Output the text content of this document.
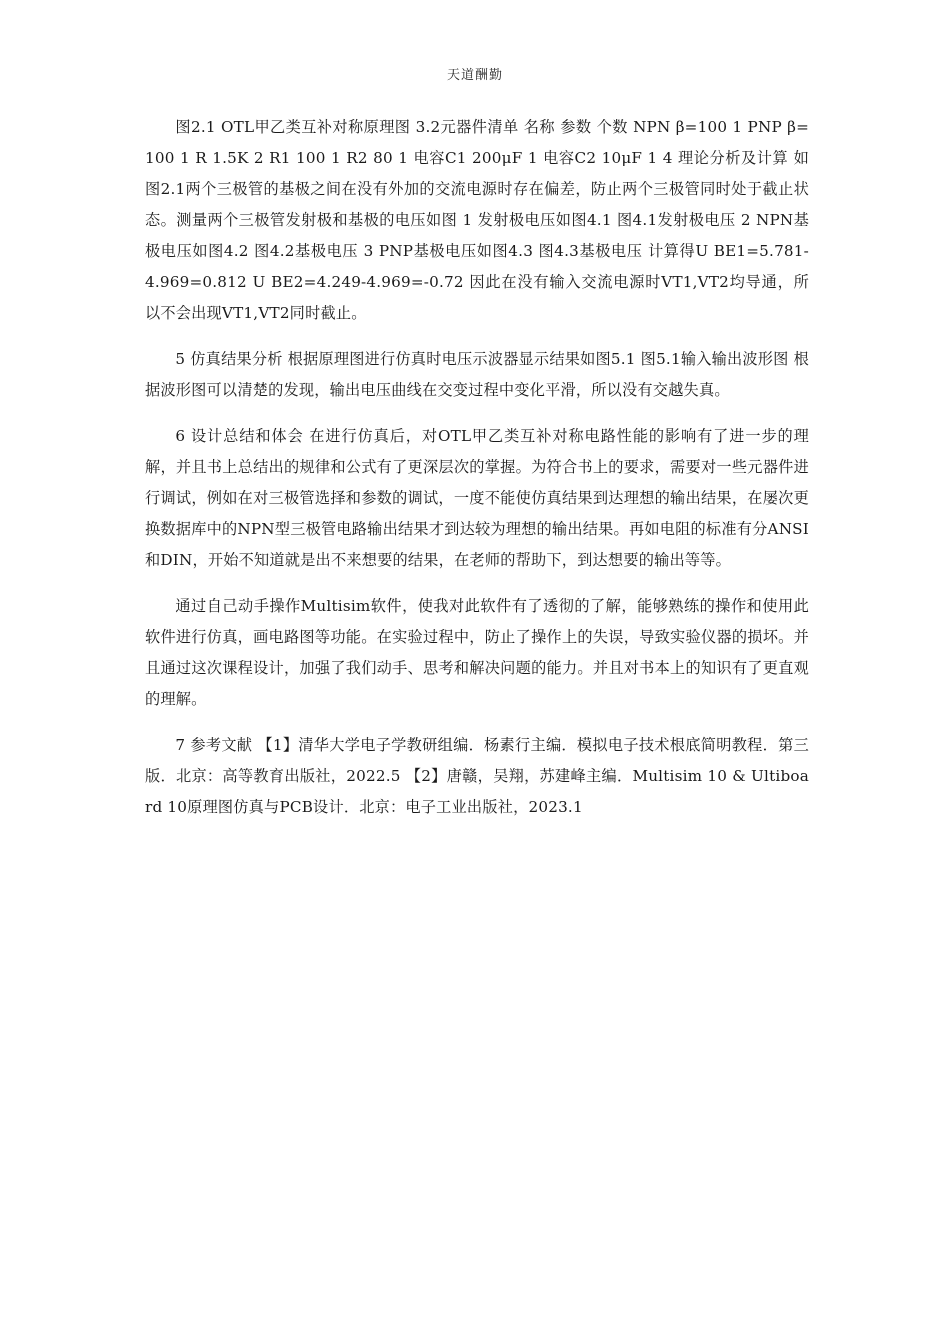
天道酬勤

图2.1 OTL甲乙类互补对称原理图 3.2元器件清单 名称 参数 个数 NPN β=100 1 PNP β=100 1 R 1.5K 2 R1 100 1 R2 80 1 电容C1 200μF 1 电容C2 10μF 1 4 理论分析及计算 如图2.1两个三极管的基极之间在没有外加的交流电源时存在偏差，防止两个三极管同时处于截止状态。测量两个三极管发射极和基极的电压如图 1 发射极电压如图4.1 图4.1发射极电压 2 NPN基极电压如图4.2 图4.2基极电压 3 PNP基极电压如图4.3 图4.3基极电压 计算得U BE1=5.781-4.969=0.812 U BE2=4.249-4.969=-0.72 因此在没有输入交流电源时VT1,VT2均导通，所以不会出现VT1,VT2同时截止。

5 仿真结果分析 根据原理图进行仿真时电压示波器显示结果如图5.1 图5.1输入输出波形图 根据波形图可以清楚的发现，输出电压曲线在交变过程中变化平滑，所以没有交越失真。

6 设计总结和体会 在进行仿真后，对OTL甲乙类互补对称电路性能的影响有了进一步的理解，并且书上总结出的规律和公式有了更深层次的掌握。为符合书上的要求，需要对一些元器件进行调试，例如在对三极管选择和参数的调试，一度不能使仿真结果到达理想的输出结果，在屡次更换数据库中的NPN型三极管电路输出结果才到达较为理想的输出结果。再如电阻的标准有分ANSI和DIN，开始不知道就是出不来想要的结果，在老师的帮助下，到达想要的输出等等。

通过自己动手操作Multisim软件，使我对此软件有了透彻的了解，能够熟练的操作和使用此软件进行仿真，画电路图等功能。在实验过程中，防止了操作上的失误，导致实验仪器的损坏。并且通过这次课程设计，加强了我们动手、思考和解决问题的能力。并且对书本上的知识有了更直观的理解。

7 参考文献 【1】清华大学电子学教研组编．杨素行主编．模拟电子技术根底简明教程．第三版．北京：高等教育出版社，2022.5 【2】唐赣，吴翔，苏建峰主编．Multisim 10 & Ultiboard 10原理图仿真与PCB设计．北京：电子工业出版社，2023.1
